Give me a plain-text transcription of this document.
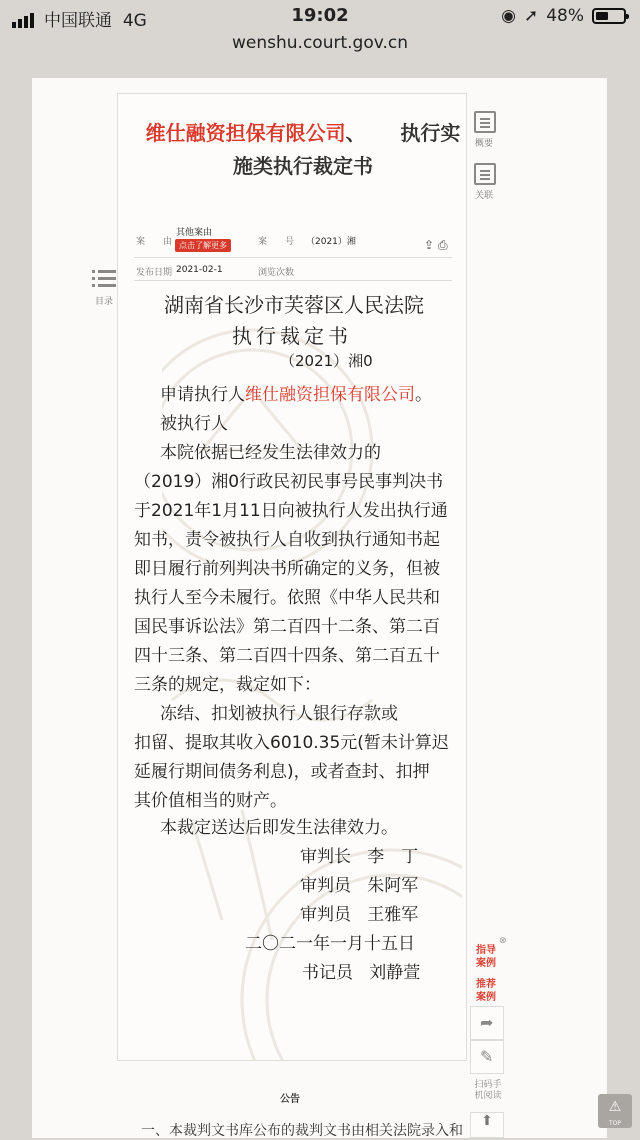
中国联通 4G	19:02	◉ ➚ 48%
wenshu.court.gov.cn
维仕融资担保有限公司、 执行实
施类执行裁定书
概要
关联
案　　由
其他案由
点击了解更多	案　　号 （2021）湘	⇪ ⎙
发布日期 2021-02-1	浏览次数
目录	湖南省长沙市芙蓉区人民法院
执行裁定书
（2021）湘0
申请执行人维仕融资担保有限公司。
被执行人
本院依据已经发生法律效力的
（2019）湘0行政民初民事号民事判决书
于2021年1月11日向被执行人发出执行通
知书，责令被执行人自收到执行通知书起
即日履行前列判决书所确定的义务，但被
执行人至今未履行。依照《中华人民共和
国民事诉讼法》第二百四十二条、第二百
四十三条、第二百四十四条、第二百五十
三条的规定，裁定如下：
冻结、扣划被执行人银行存款或
扣留、提取其收入6010.35元(暂未计算迟
延履行期间债务利息)，或者查封、扣押
其价值相当的财产。
本裁定送达后即发生法律效力。
审判长 李　丁
审判员 朱阿军
审判员 王雅军
二〇二一年一月十五日
书记员 刘静萱
指导案例
推荐案例
⊗
➦
✎
扫码手机阅读
⬆
公告
一、本裁判文书库公布的裁判文书由相关法院录入和
⚠
TOP
